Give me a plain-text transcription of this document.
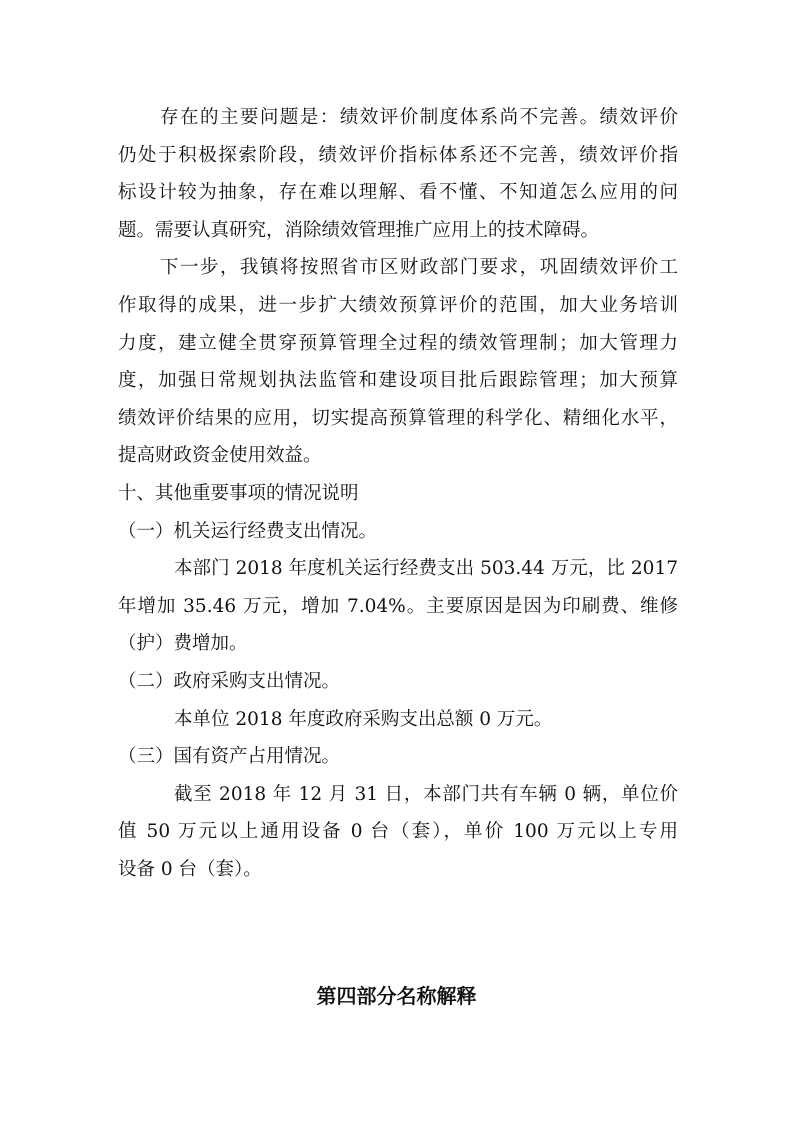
存在的主要问题是：绩效评价制度体系尚不完善。绩效评价
仍处于积极探索阶段，绩效评价指标体系还不完善，绩效评价指
标设计较为抽象，存在难以理解、看不懂、不知道怎么应用的问
题。需要认真研究，消除绩效管理推广应用上的技术障碍。

下一步，我镇将按照省市区财政部门要求，巩固绩效评价工
作取得的成果，进一步扩大绩效预算评价的范围，加大业务培训
力度，建立健全贯穿预算管理全过程的绩效管理制；加大管理力
度，加强日常规划执法监管和建设项目批后跟踪管理；加大预算
绩效评价结果的应用，切实提高预算管理的科学化、精细化水平，
提高财政资金使用效益。

十、其他重要事项的情况说明
（一）机关运行经费支出情况。
本部门 2018 年度机关运行经费支出 503.44 万元，比 2017
年增加 35.46 万元，增加 7.04%。主要原因是因为印刷费、维修
（护）费增加。
（二）政府采购支出情况。
本单位 2018 年度政府采购支出总额 0 万元。
（三）国有资产占用情况。
截至 2018 年 12 月 31 日，本部门共有车辆 0 辆，单位价
值 50 万元以上通用设备 0 台（套），单价 100 万元以上专用
设备 0 台（套）。

第四部分名称解释
